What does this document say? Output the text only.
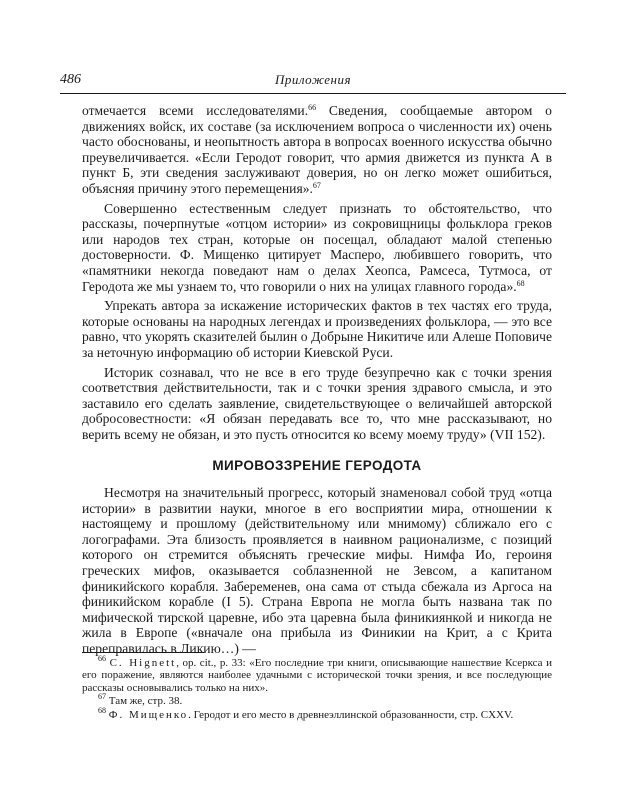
486	Приложения

отмечается всеми исследователями.$^{66}$ Сведения, сообщаемые автором о движениях войск, их составе (за исключением вопроса о численности их) очень часто обоснованы, и неопытность автора в вопросах военного искусства обычно преувеличивается. «Если Геродот говорит, что армия движется из пункта А в пункт Б, эти сведения заслуживают доверия, но он легко может ошибиться, объясняя причину этого перемещения».$^{67}$

Совершенно естественным следует признать то обстоятельство, что рассказы, почерпнутые «отцом истории» из сокровищницы фольклора греков или народов тех стран, которые он посещал, обладают малой степенью достоверности. Ф. Мищенко цитирует Масперо, любившего говорить, что «памятники некогда поведают нам о делах Хеопса, Рамсеса, Тутмоса, от Геродота же мы узнаем то, что говорили о них на улицах главного города».$^{68}$

Упрекать автора за искажение исторических фактов в тех частях его труда, которые основаны на народных легендах и произведениях фольклора, — это все равно, что укорять сказителей былин о Добрыне Никитиче или Алеше Поповиче за неточную информацию об истории Киевской Руси.

Историк сознавал, что не все в его труде безупречно как с точки зрения соответствия действительности, так и с точки зрения здравого смысла, и это заставило его сделать заявление, свидетельствующее о величайшей авторской добросовестности: «Я обязан передавать все то, что мне рассказывают, но верить всему не обязан, и это пусть относится ко всему моему труду» (VII 152).

МИРОВОЗЗРЕНИЕ ГЕРОДОТА

Несмотря на значительный прогресс, который знаменовал собой труд «отца истории» в развитии науки, многое в его восприятии мира, отношении к настоящему и прошлому (действительному или мнимому) сближало его с логографами. Эта близость проявляется в наивном рационализме, с позиций которого он стремится объяснять греческие мифы. Нимфа Ио, героиня греческих мифов, оказывается соблазненной не Зевсом, а капитаном финикийского корабля. Забеременев, она сама от стыда сбежала из Аргоса на финикийском корабле (I 5). Страна Европа не могла быть названа так по мифической тирской царевне, ибо эта царевна была финикиянкой и никогда не жила в Европе («вначале она прибыла из Финикии на Крит, а с Крита переправилась в Ликию…) —

$^{66}$ C. Hignett, op. cit., p. 33: «Его последние три книги, описывающие нашествие Ксеркса и его поражение, являются наиболее удачными с исторической точки зрения, и все последующие рассказы основывались только на них».

$^{67}$ Там же, стр. 38.

$^{68}$ Ф. Мищенко. Геродот и его место в древнеэллинской образованности, стр. CXXV.
